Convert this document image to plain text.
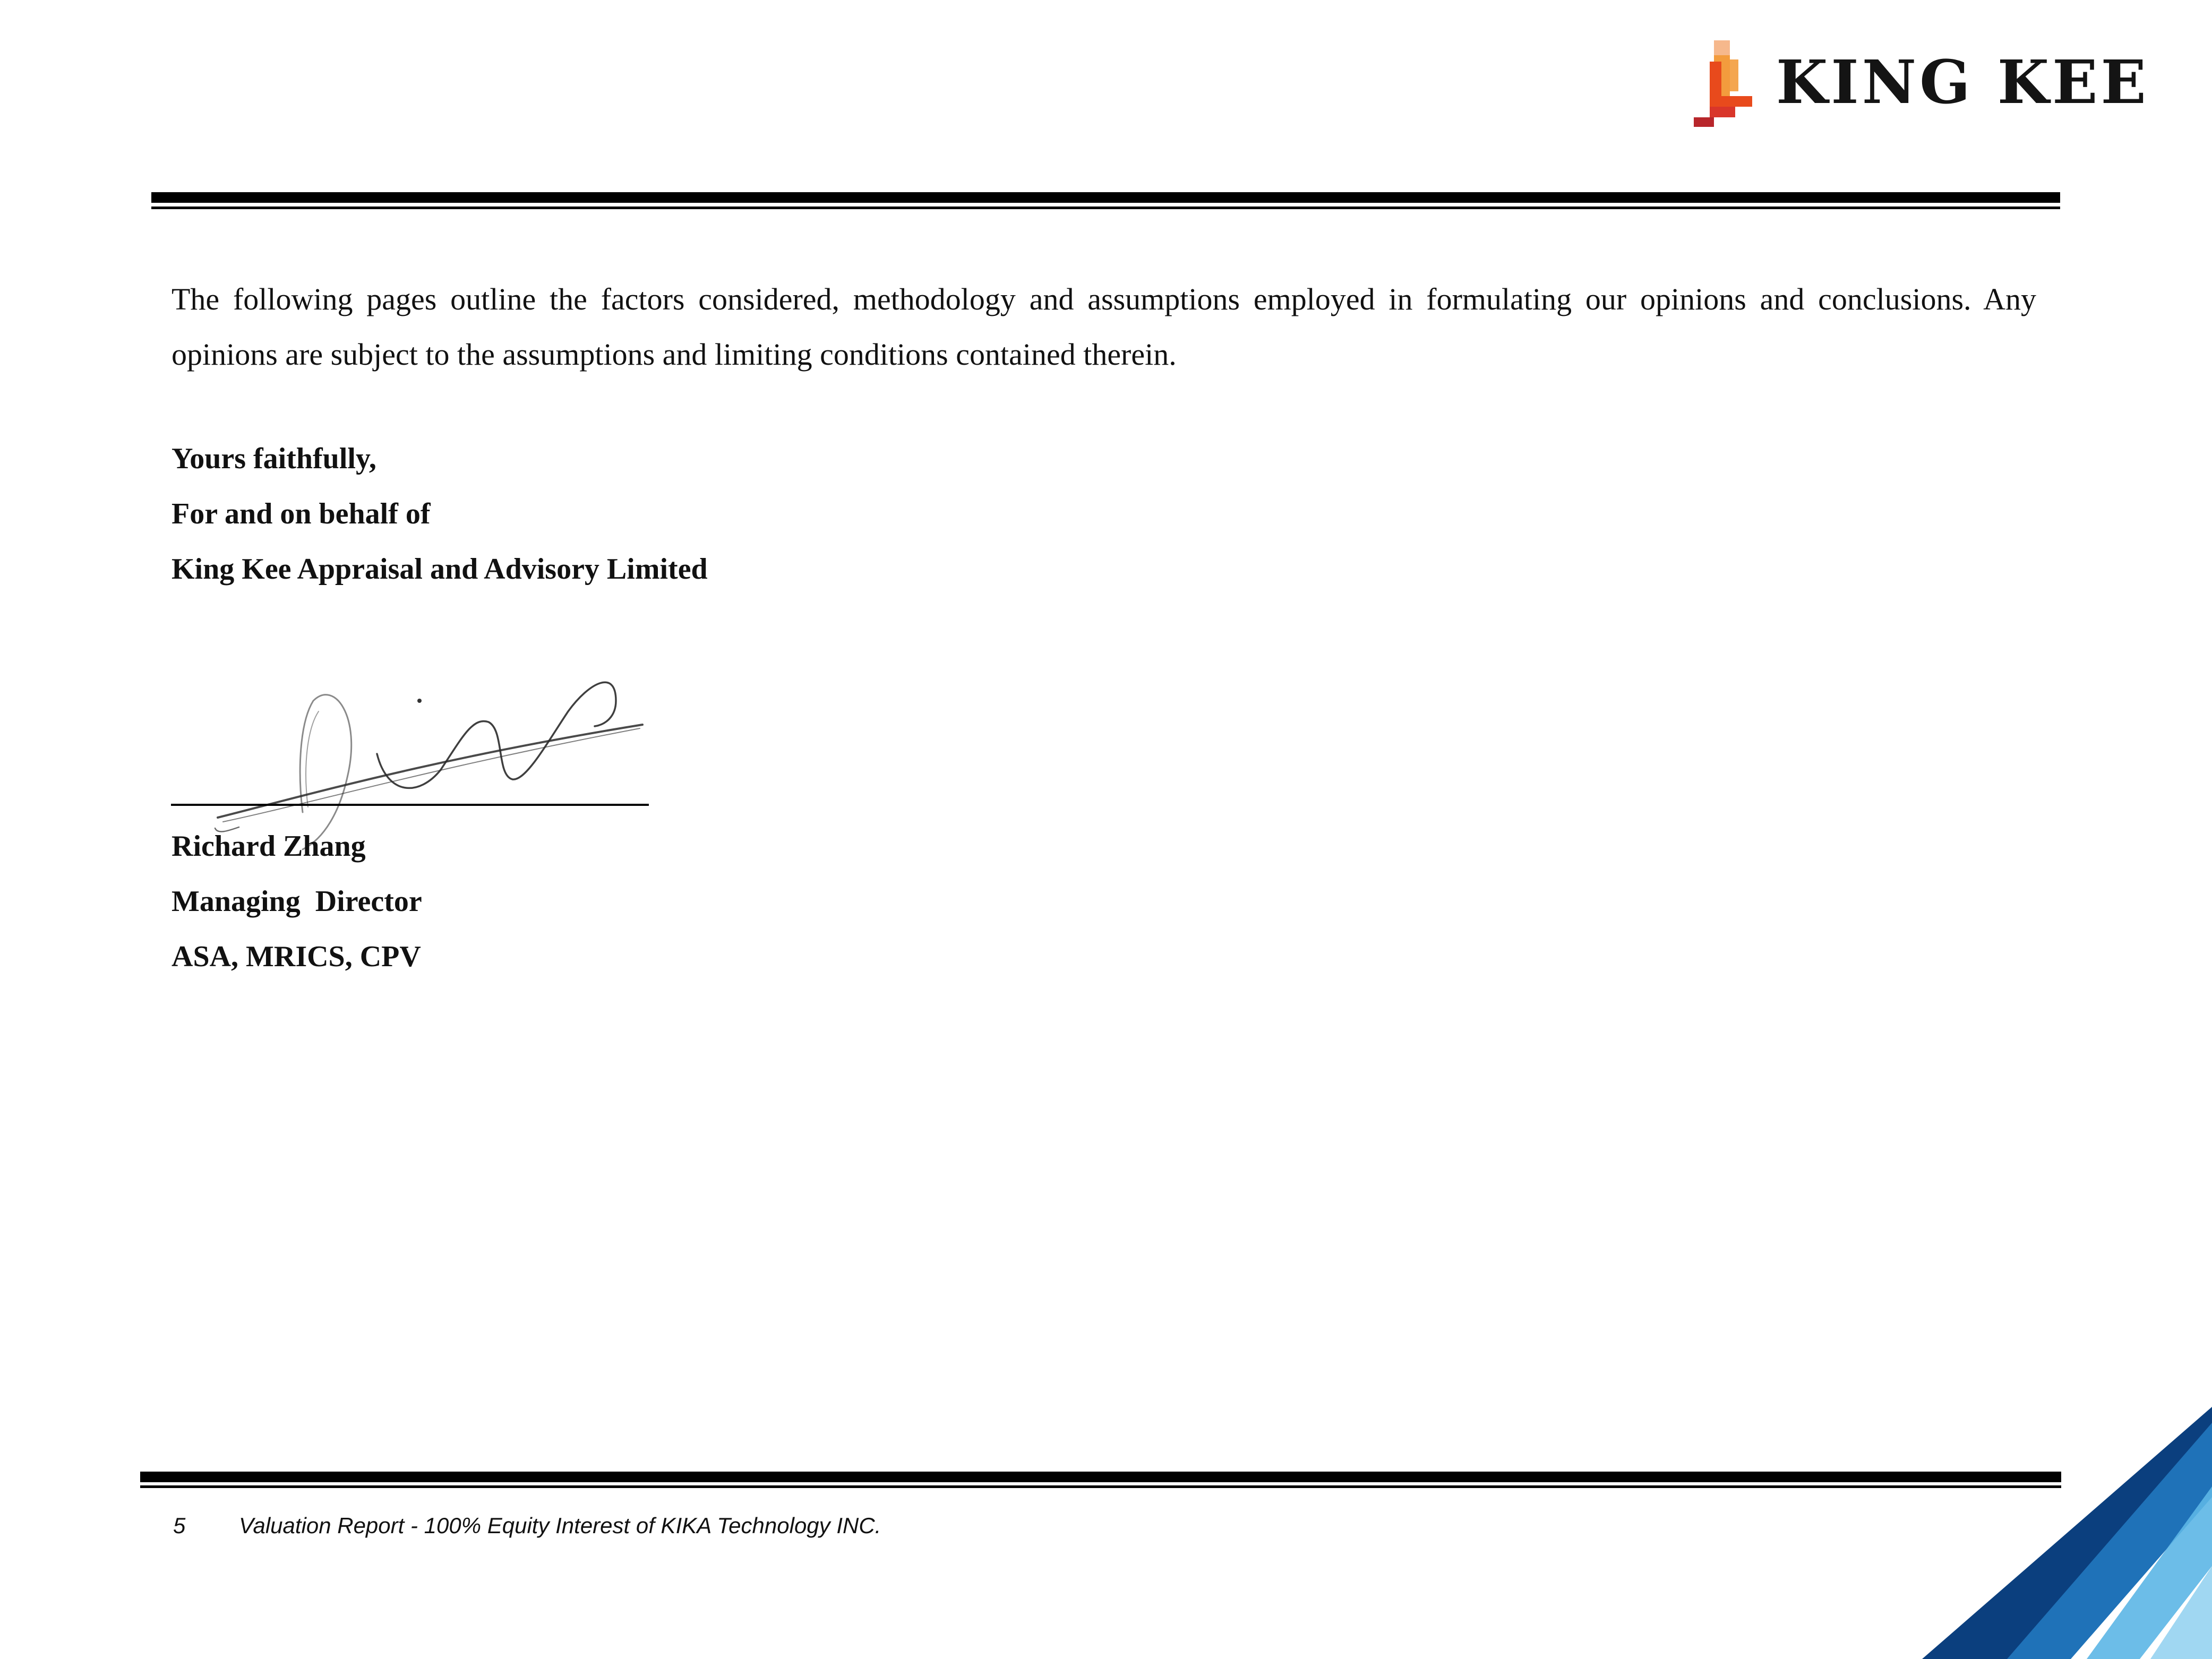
KING KEE

The following pages outline the factors considered, methodology and assumptions employed in formulating our opinions and conclusions. Any opinions are subject to the assumptions and limiting conditions contained therein.

Yours faithfully,
For and on behalf of
King Kee Appraisal and Advisory Limited
Richard Zhang
Managing  Director
ASA, MRICS, CPV
5 Valuation Report - 100% Equity Interest of KIKA Technology INC.
